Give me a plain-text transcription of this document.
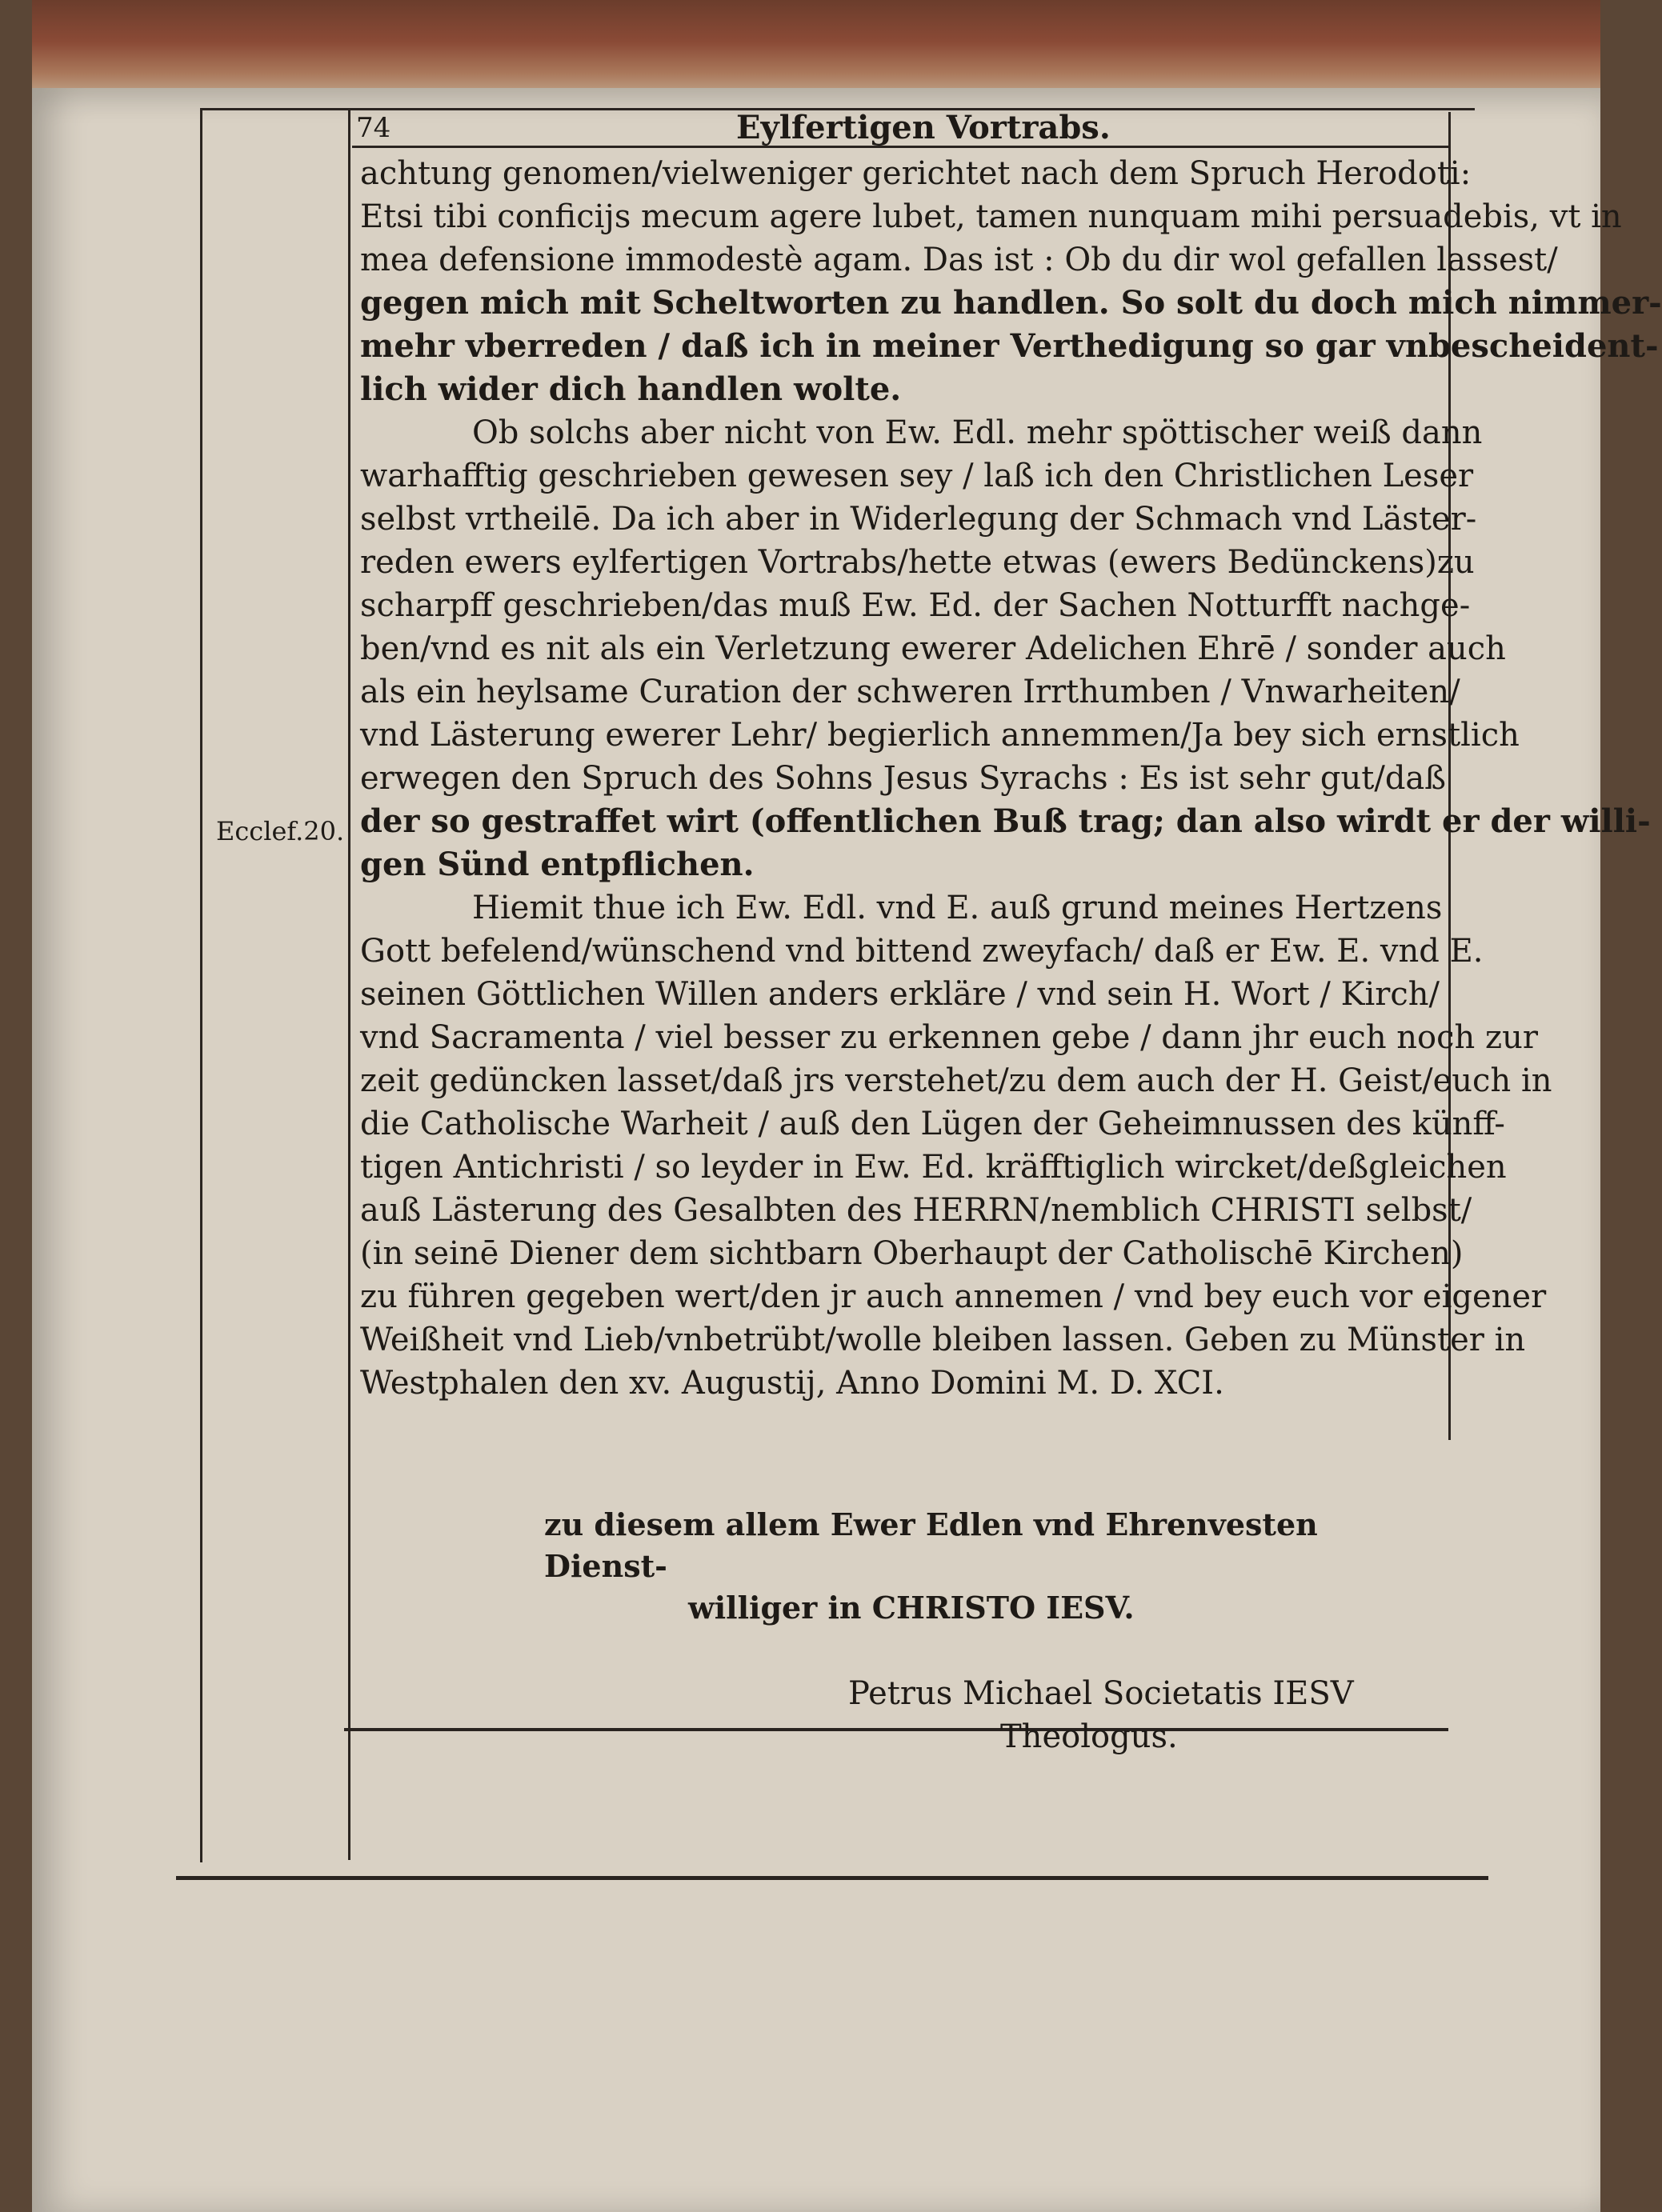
74	Eylfertigen Vortrabs.
Ecclef.20.
achtung genomen/vielweniger gerichtet nach dem Spruch Herodoti:
Etsi tibi conficijs mecum agere lubet, tamen nunquam mihi persuadebis, vt in
mea defensione immodestè agam. Das ist : Ob du dir wol gefallen lassest/
gegen mich mit Scheltworten zu handlen. So solt du doch mich nimmer-
mehr vberreden / daß ich in meiner Verthedigung so gar vnbescheident-
lich wider dich handlen wolte.
Ob solchs aber nicht von Ew. Edl. mehr spöttischer weiß dann
warhafftig geschrieben gewesen sey / laß ich den Christlichen Leser
selbst vrtheilē. Da ich aber in Widerlegung der Schmach vnd Läster-
reden ewers eylfertigen Vortrabs/hette etwas (ewers Bedünckens)zu
scharpff geschrieben/das muß Ew. Ed. der Sachen Notturfft nachge-
ben/vnd es nit als ein Verletzung ewerer Adelichen Ehrē / sonder auch
als ein heylsame Curation der schweren Irrthumben / Vnwarheiten/
vnd Lästerung ewerer Lehr/ begierlich annemmen/Ja bey sich ernstlich
erwegen den Spruch des Sohns Jesus Syrachs : Es ist sehr gut/daß
der so gestraffet wirt (offentlichen Buß trag; dan also wirdt er der willi-
gen Sünd entpflichen.
Hiemit thue ich Ew. Edl. vnd E. auß grund meines Hertzens
Gott befelend/wünschend vnd bittend zweyfach/ daß er Ew. E. vnd E.
seinen Göttlichen Willen anders erkläre / vnd sein H. Wort / Kirch/
vnd Sacramenta / viel besser zu erkennen gebe / dann jhr euch noch zur
zeit gedüncken lasset/daß jrs verstehet/zu dem auch der H. Geist/euch in
die Catholische Warheit / auß den Lügen der Geheimnussen des künff-
tigen Antichristi / so leyder in Ew. Ed. kräfftiglich wircket/deßgleichen
auß Lästerung des Gesalbten des HERRN/nemblich CHRISTI selbst/
(in seinē Diener dem sichtbarn Oberhaupt der Catholischē Kirchen)
zu führen gegeben wert/den jr auch annemen / vnd bey euch vor eigener
Weißheit vnd Lieb/vnbetrübt/wolle bleiben lassen. Geben zu Münster in
Westphalen den xv. Augustij, Anno Domini M. D. XCI.
zu diesem allem Ewer Edlen vnd Ehrenvesten Dienst-
williger in CHRISTO IESV.
Petrus Michael Societatis IESV
Theologus.
